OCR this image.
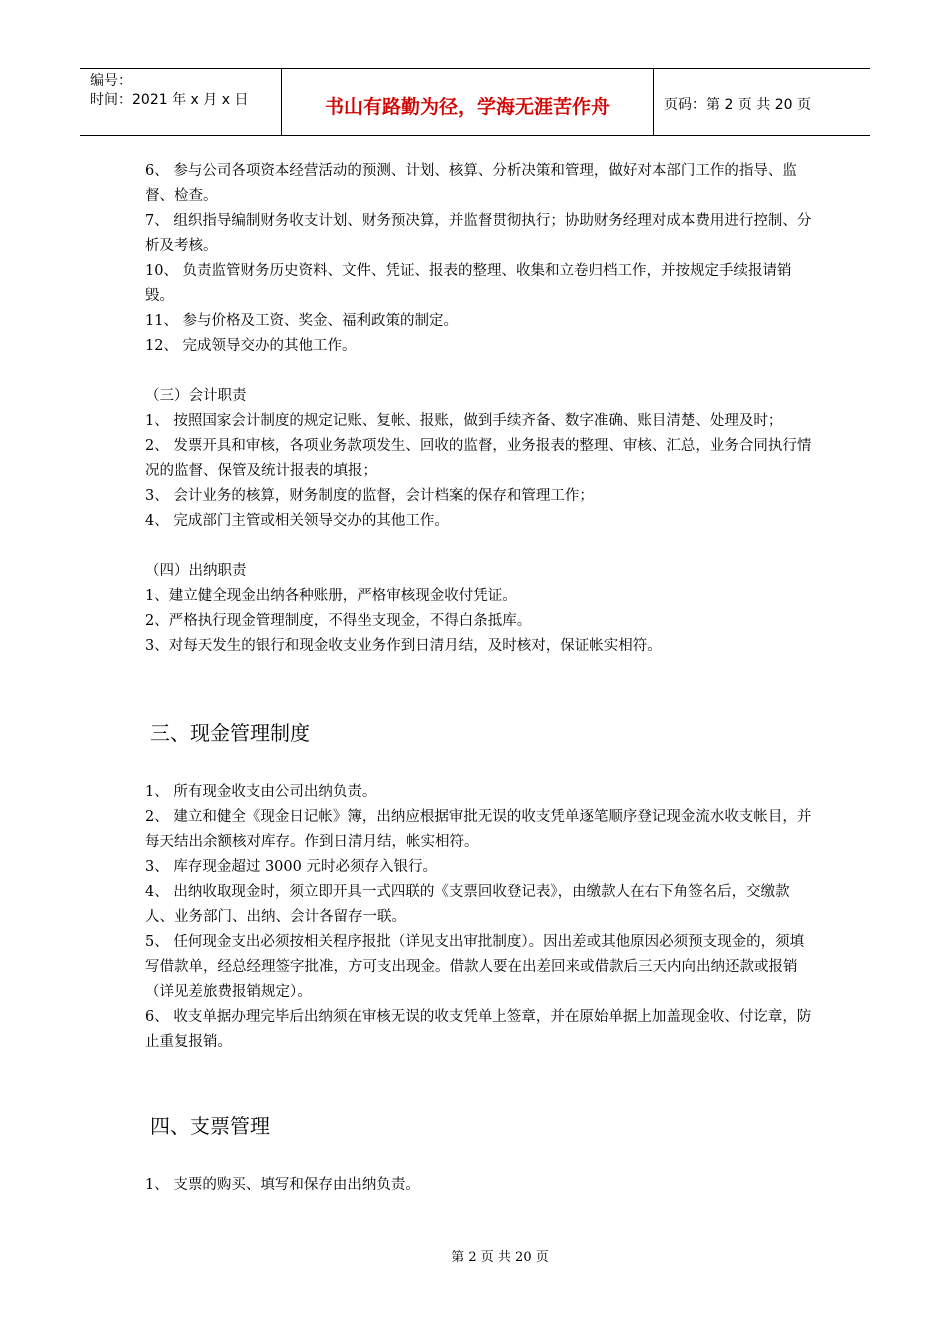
编号：
时间：2021 年 x 月 x 日	书山有路勤为径，学海无涯苦作舟	页码：第 2 页 共 20 页

6、 参与公司各项资本经营活动的预测、计划、核算、分析决策和管理，做好对本部门工作的指导、监督、检查。

7、 组织指导编制财务收支计划、财务预决算，并监督贯彻执行；协助财务经理对成本费用进行控制、分析及考核。

10、 负责监管财务历史资料、文件、凭证、报表的整理、收集和立卷归档工作，并按规定手续报请销毁。

11、 参与价格及工资、奖金、福利政策的制定。

12、 完成领导交办的其他工作。

（三）会计职责

1、 按照国家会计制度的规定记账、复帐、报账，做到手续齐备、数字准确、账目清楚、处理及时；

2、 发票开具和审核，各项业务款项发生、回收的监督，业务报表的整理、审核、汇总，业务合同执行情况的监督、保管及统计报表的填报；

3、 会计业务的核算，财务制度的监督，会计档案的保存和管理工作；

4、 完成部门主管或相关领导交办的其他工作。

（四）出纳职责

1、建立健全现金出纳各种账册，严格审核现金收付凭证。

2、严格执行现金管理制度，不得坐支现金，不得白条抵库。

3、对每天发生的银行和现金收支业务作到日清月结，及时核对，保证帐实相符。

三、现金管理制度

1、 所有现金收支由公司出纳负责。

2、 建立和健全《现金日记帐》簿，出纳应根据审批无误的收支凭单逐笔顺序登记现金流水收支帐目，并每天结出余额核对库存。作到日清月结，帐实相符。

3、 库存现金超过 3000 元时必须存入银行。

4、 出纳收取现金时，须立即开具一式四联的《支票回收登记表》，由缴款人在右下角签名后，交缴款人、业务部门、出纳、会计各留存一联。

5、 任何现金支出必须按相关程序报批（详见支出审批制度）。因出差或其他原因必须预支现金的，须填写借款单，经总经理签字批准，方可支出现金。借款人要在出差回来或借款后三天内向出纳还款或报销（详见差旅费报销规定）。

6、 收支单据办理完毕后出纳须在审核无误的收支凭单上签章，并在原始单据上加盖现金收、付讫章，防止重复报销。

四、支票管理

1、 支票的购买、填写和保存由出纳负责。

第 2 页 共 20 页
